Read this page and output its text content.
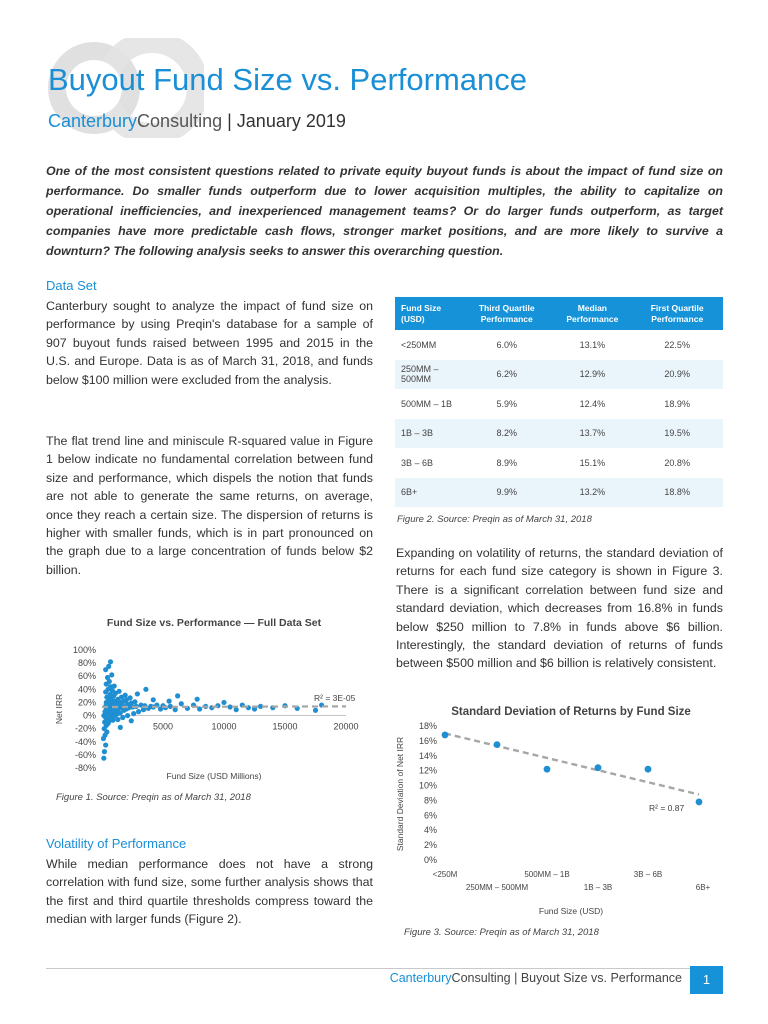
Buyout Fund Size vs. Performance
CanterburyConsulting | January 2019

One of the most consistent questions related to private equity buyout funds is about the impact of fund size on performance. Do smaller funds outperform due to lower acquisition multiples, the ability to capitalize on operational inefficiencies, and inexperienced management teams? Or do larger funds outperform, as target companies have more predictable cash flows, stronger market positions, and are more likely to survive a downturn? The following analysis seeks to answer this overarching question.

Data Set

Canterbury sought to analyze the impact of fund size on performance by using Preqin's database for a sample of 907 buyout funds raised between 1995 and 2015 in the U.S. and Europe. Data is as of March 31, 2018, and funds below $100 million were excluded from the analysis.

The flat trend line and miniscule R-squared value in Figure 1 below indicate no fundamental correlation between fund size and performance, which dispels the notion that funds are not able to generate the same returns, on average, once they reach a certain size. The dispersion of returns is higher with smaller funds, which is in part pronounced on the graph due to a large concentration of funds below $2 billion.

Fund Size vs. Performance — Full Data Set
100%
80%
60%
40%
20%
0%
-20%
-40%
-60%
-80%
5000	10000	15000	20000
R² = 3E-05
Fund Size (USD Millions)
Net IRR
Figure 1. Source: Preqin as of March 31, 2018
Volatility of Performance

While median performance does not have a strong correlation with fund size, some further analysis shows that the first and third quartile thresholds compress toward the median with larger funds (Figure 2).

Fund Size (USD)	Third Quartile Performance	Median Performance	First Quartile Performance
<250MM	6.0%	13.1%	22.5%
250MM – 500MM	6.2%	12.9%	20.9%
500MM – 1B	5.9%	12.4%	18.9%
1B – 3B	8.2%	13.7%	19.5%
3B – 6B	8.9%	15.1%	20.8%
6B+	9.9%	13.2%	18.8%
Figure 2. Source: Preqin as of March 31, 2018

Expanding on volatility of returns, the standard deviation of returns for each fund size category is shown in Figure 3. There is a significant correlation between fund size and standard deviation, which decreases from 16.8% in funds below $250 million to 7.8% in funds above $6 billion. Interestingly, the standard deviation of returns of funds between $500 million and $6 billion is relatively consistent.

Standard Deviation of Returns by Fund Size
18%
16%
14%
12%
10%
8%
6%
4%
2%
0%
<250M
250MM – 500MM
500MM – 1B
1B – 3B
3B – 6B
6B+
R² = 0.87
Fund Size (USD)
Standard Deviation of Net IRR
Figure 3. Source: Preqin as of March 31, 2018
CanterburyConsulting | Buyout Size vs. Performance	1
